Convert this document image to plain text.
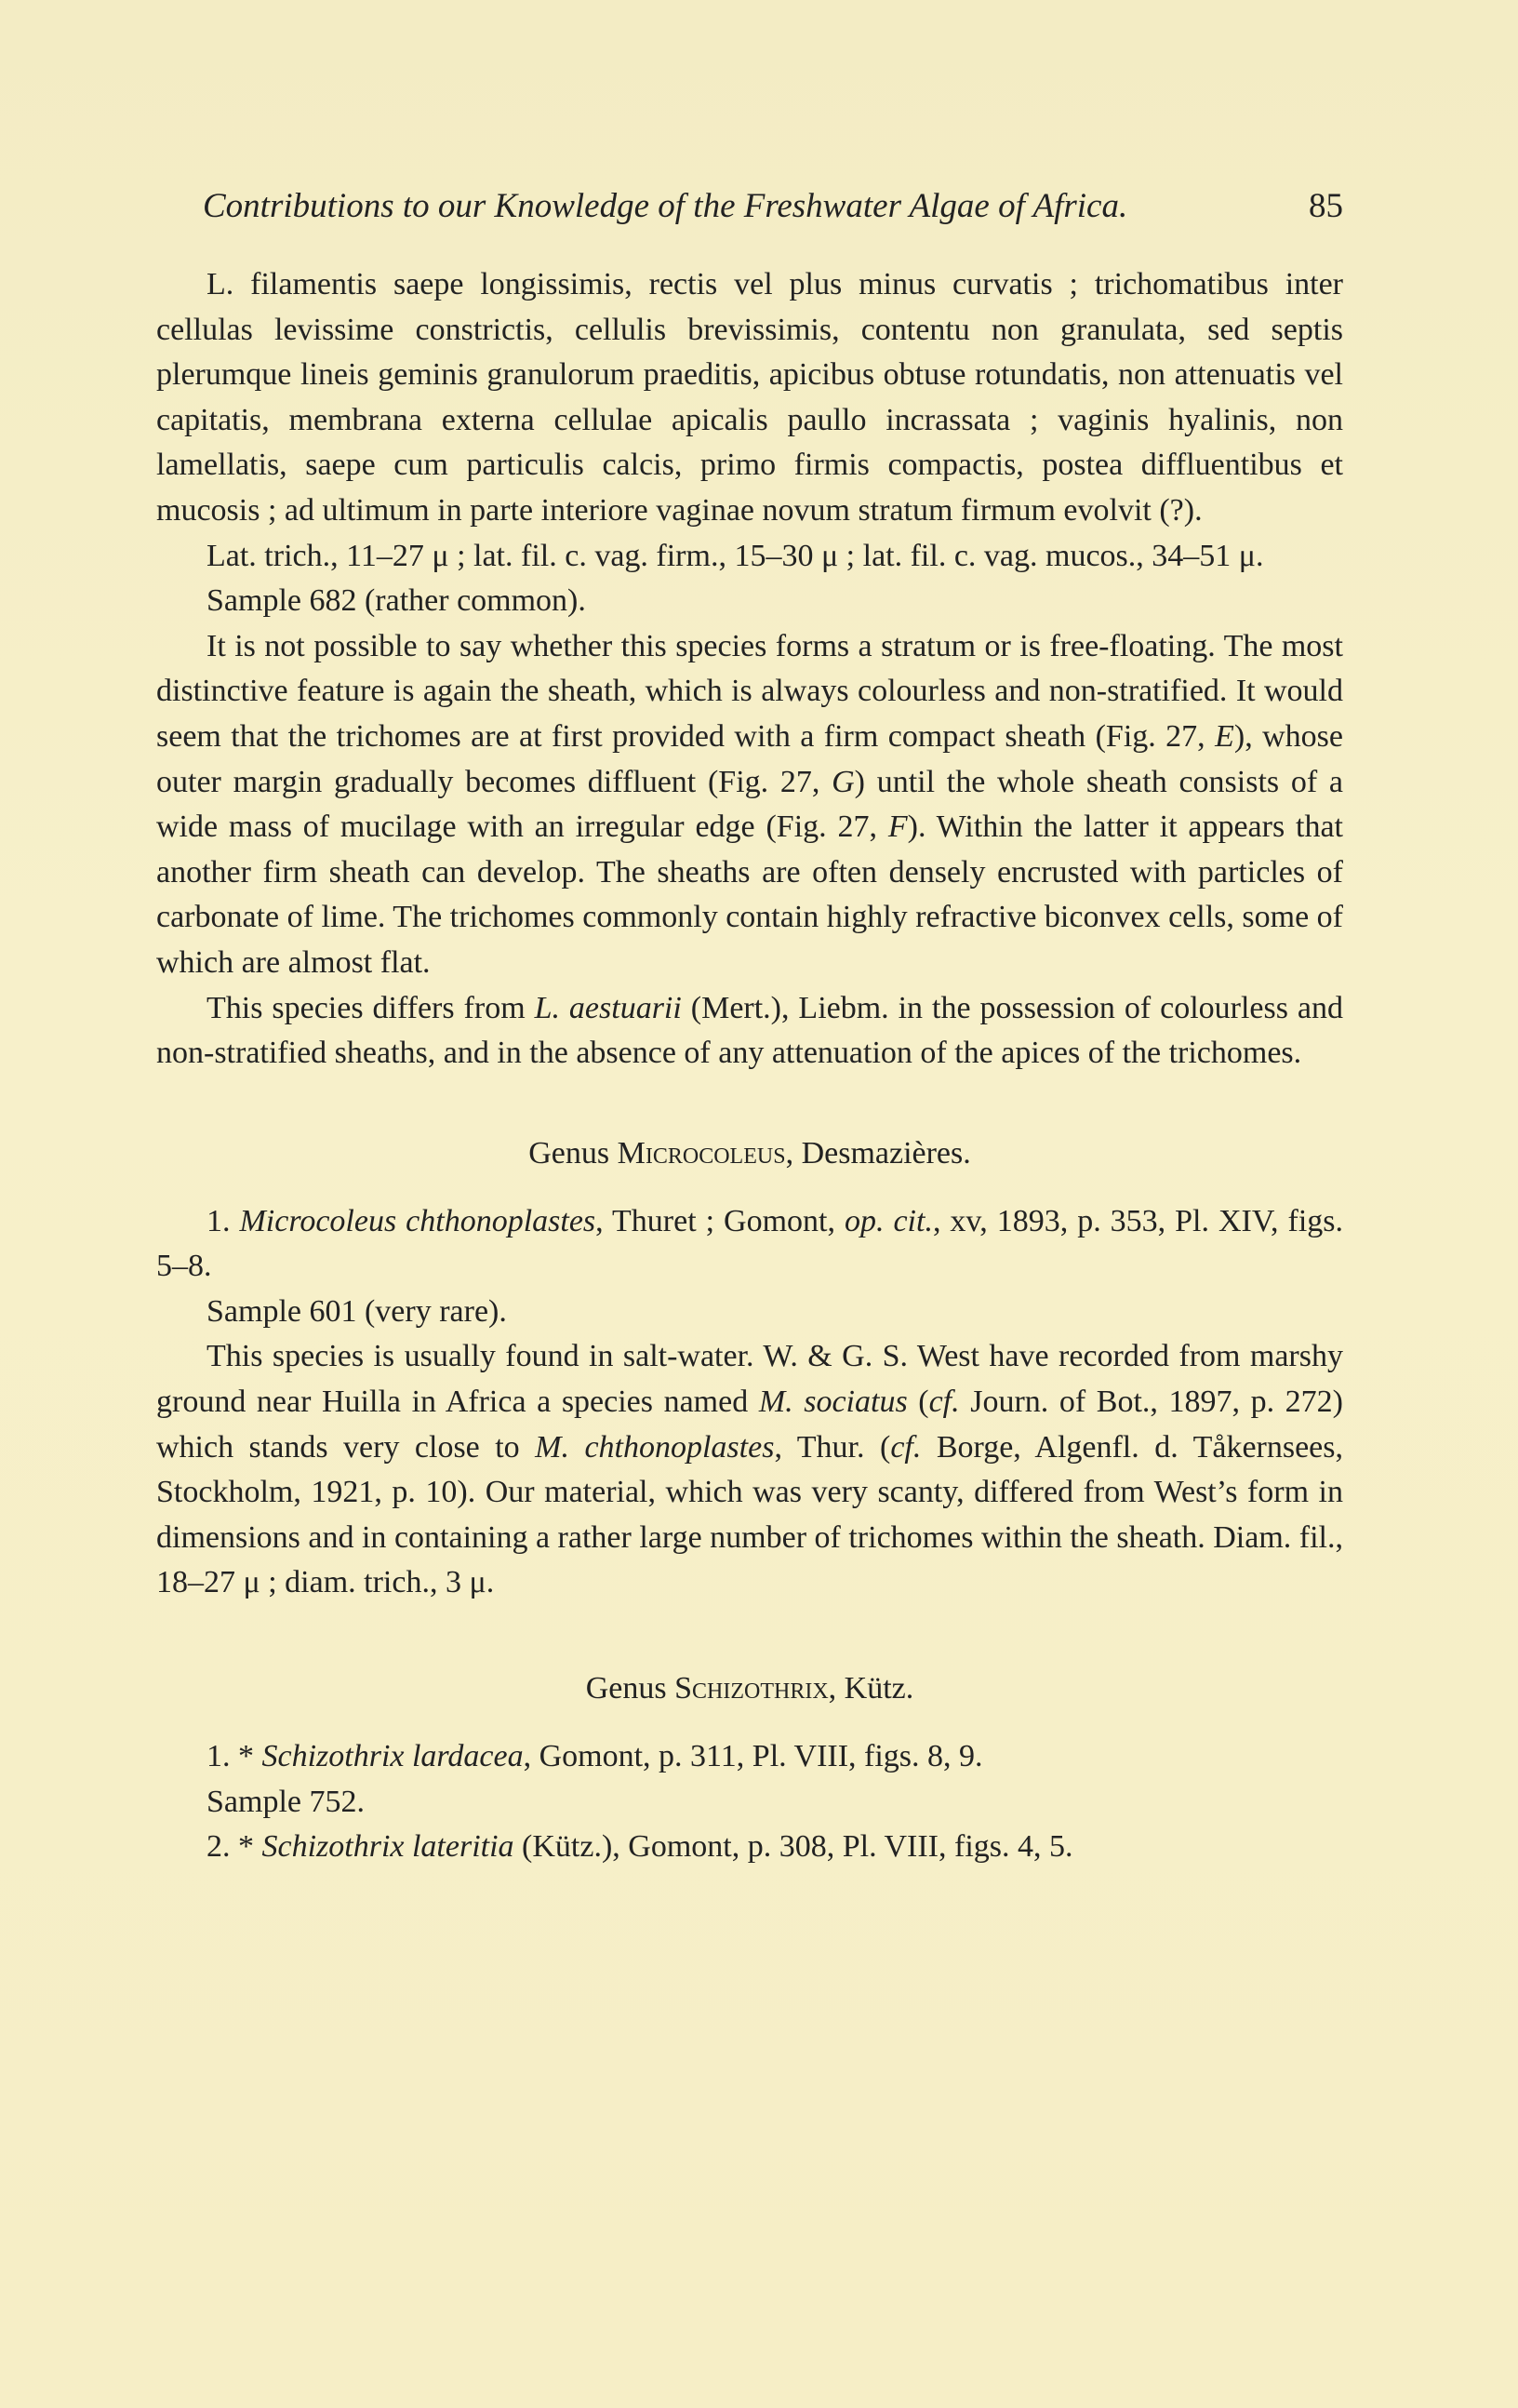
Contributions to our Knowledge of the Freshwater Algae of Africa.	85

L. filamentis saepe longissimis, rectis vel plus minus curvatis ; trichomatibus inter cellulas levissime constrictis, cellulis brevissimis, contentu non granulata, sed septis plerumque lineis geminis granulorum praeditis, apicibus obtuse rotundatis, non attenuatis vel capitatis, membrana externa cellulae apicalis paullo incrassata ; vaginis hyalinis, non lamellatis, saepe cum particulis calcis, primo firmis compactis, postea diffluentibus et mucosis ; ad ultimum in parte interiore vaginae novum stratum firmum evolvit (?).

Lat. trich., 11–27 μ ; lat. fil. c. vag. firm., 15–30 μ ; lat. fil. c. vag. mucos., 34–51 μ.

Sample 682 (rather common).

It is not possible to say whether this species forms a stratum or is free-floating. The most distinctive feature is again the sheath, which is always colourless and non-stratified. It would seem that the trichomes are at first provided with a firm compact sheath (Fig. 27, E), whose outer margin gradually becomes diffluent (Fig. 27, G) until the whole sheath consists of a wide mass of mucilage with an irregular edge (Fig. 27, F). Within the latter it appears that another firm sheath can develop. The sheaths are often densely encrusted with particles of carbonate of lime. The trichomes commonly contain highly refractive biconvex cells, some of which are almost flat.

This species differs from L. aestuarii (Mert.), Liebm. in the possession of colourless and non-stratified sheaths, and in the absence of any attenuation of the apices of the trichomes.

Genus Microcoleus, Desmazières.

1. Microcoleus chthonoplastes, Thuret ; Gomont, op. cit., xv, 1893, p. 353, Pl. XIV, figs. 5–8.

Sample 601 (very rare).

This species is usually found in salt-water. W. & G. S. West have recorded from marshy ground near Huilla in Africa a species named M. sociatus (cf. Journ. of Bot., 1897, p. 272) which stands very close to M. chthonoplastes, Thur. (cf. Borge, Algenfl. d. Tåkernsees, Stockholm, 1921, p. 10). Our material, which was very scanty, differed from West’s form in dimensions and in containing a rather large number of trichomes within the sheath. Diam. fil., 18–27 μ ; diam. trich., 3 μ.

Genus Schizothrix, Kütz.

1. * Schizothrix lardacea, Gomont, p. 311, Pl. VIII, figs. 8, 9.

Sample 752.

2. * Schizothrix lateritia (Kütz.), Gomont, p. 308, Pl. VIII, figs. 4, 5.
